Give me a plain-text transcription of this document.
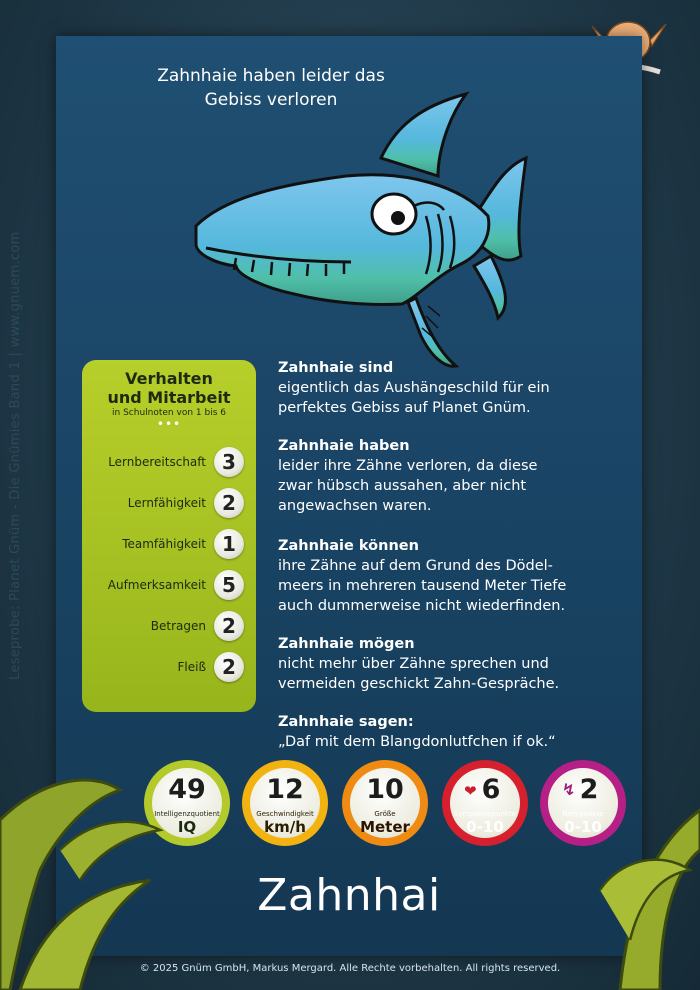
Leseprobe: Planet Gnüm - Die Gnümies Band 1 | www.gnuem.com
Zahnhaie haben leider das
Gebiss verloren
Verhalten
und Mitarbeit
in Schulnoten von 1 bis 6
•••
Lernbereitschaft 3
Lernfähigkeit 2
Teamfähigkeit 1
Aufmerksamkeit 5
Betragen 2
Fleiß 2
Zahnhaie sind
eigentlich das Aushängeschild für ein
perfektes Gebiss auf Planet Gnüm.
Zahnhaie haben
leider ihre Zähne verloren, da diese
zwar hübsch aussahen, aber nicht
angewachsen waren.
Zahnhaie können
ihre Zähne auf dem Grund des Dödel-
meers in mehreren tausend Meter Tiefe
auch dummerweise nicht wiederfinden.
Zahnhaie mögen
nicht mehr über Zähne sprechen und
vermeiden geschickt Zahn-Gespräche.
Zahnhaie sagen:
„Daf mit dem Blangdonlutfchen if ok.“
49
Intelligenzquotient
IQ
12
Geschwindigkeit
km/h
10
Größe
Meter
❤ 6
Sympathiepunkte
0-10
↯ 2
Nervpunkte
0-10
Zahnhai
© 2025 Gnüm GmbH, Markus Mergard. Alle Rechte vorbehalten. All rights reserved.
